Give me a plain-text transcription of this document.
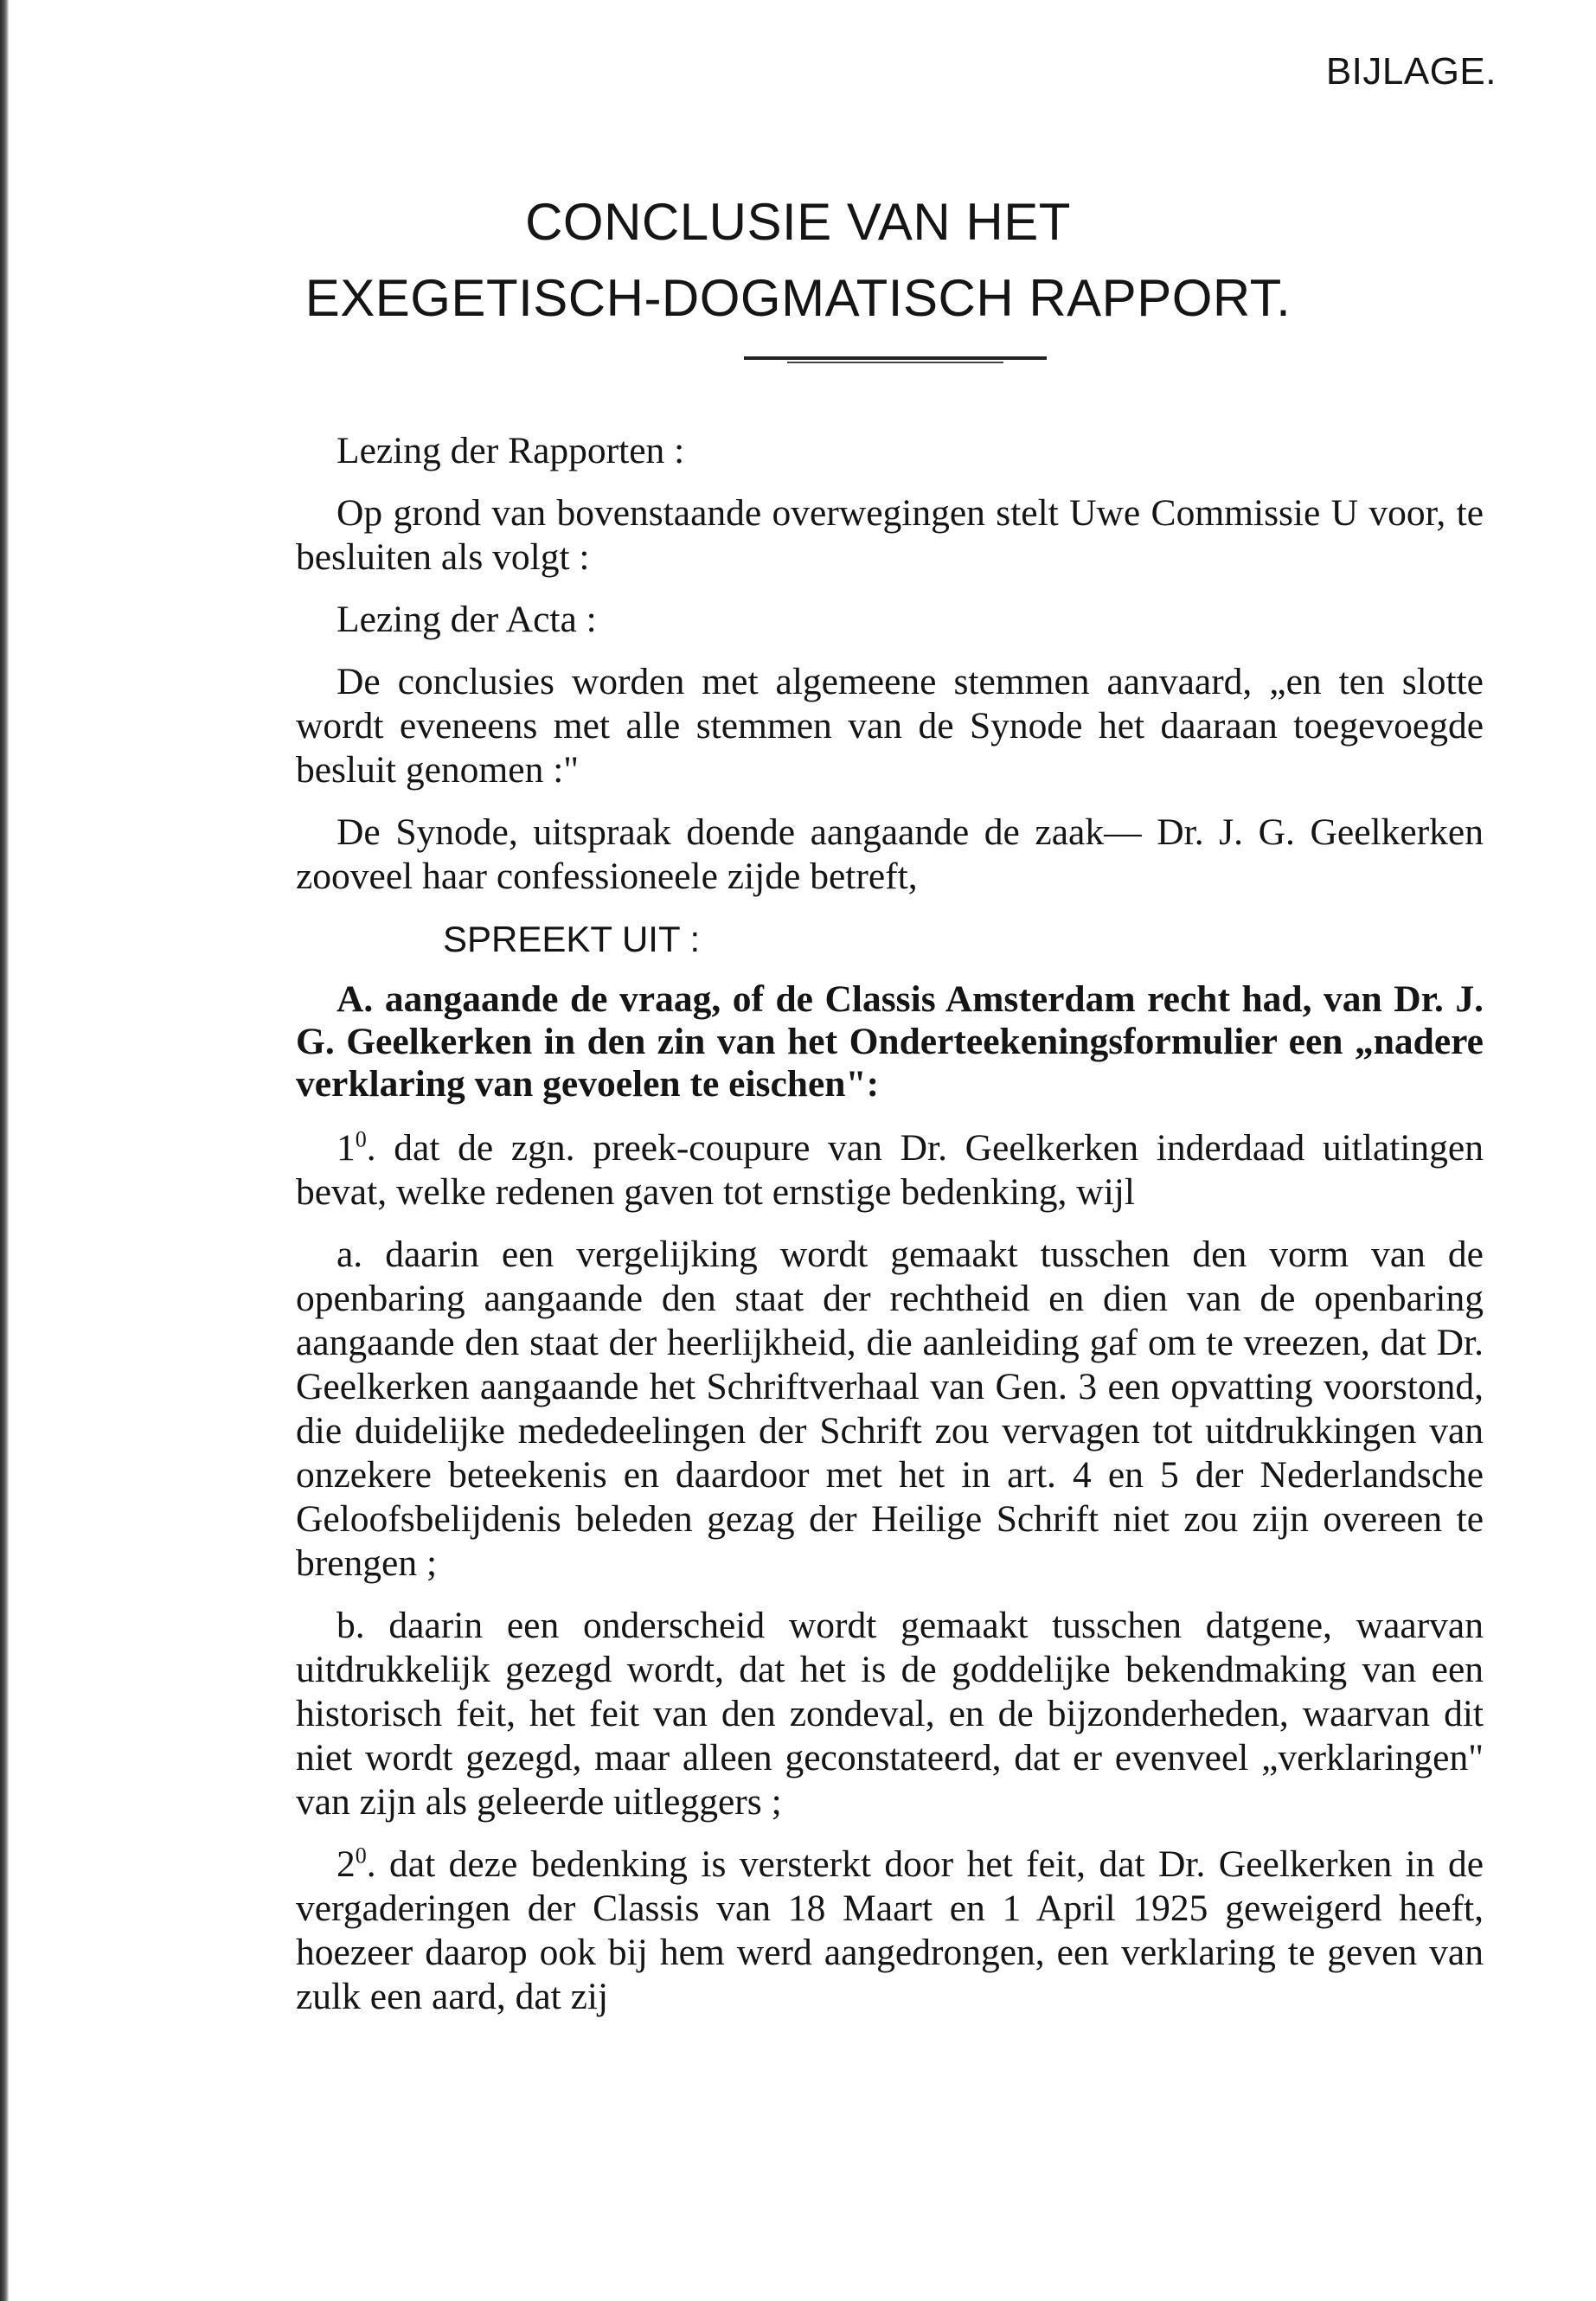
BIJLAGE.
CONCLUSIE VAN HET
EXEGETISCH-DOGMATISCH RAPPORT.

Lezing der Rapporten :

Op grond van bovenstaande overwegingen stelt Uwe Commissie U voor, te besluiten als volgt :

Lezing der Acta :

De conclusies worden met algemeene stemmen aanvaard, „en ten slotte wordt eveneens met alle stemmen van de Synode het daaraan toegevoegde besluit genomen :"

De Synode, uitspraak doende aangaande de zaak— Dr. J. G. Geelkerken zooveel haar confessioneele zijde betreft,

SPREEKT UIT :

A. aangaande de vraag, of de Classis Amsterdam recht had, van Dr. J. G. Geelkerken in den zin van het Onderteekeningsformulier een „nadere verklaring van gevoelen te eischen":

$1^0$. dat de zgn. preek-coupure van Dr. Geelkerken inderdaad uitlatingen bevat, welke redenen gaven tot ernstige bedenking, wijl

a. daarin een vergelijking wordt gemaakt tusschen den vorm van de openbaring aangaande den staat der rechtheid en dien van de openbaring aangaande den staat der heerlijkheid, die aanleiding gaf om te vreezen, dat Dr. Geelkerken aangaande het Schriftverhaal van Gen. 3 een opvatting voorstond, die duidelijke mededeelingen der Schrift zou vervagen tot uitdrukkingen van onzekere beteekenis en daardoor met het in art. 4 en 5 der Nederlandsche Geloofsbelijdenis beleden gezag der Heilige Schrift niet zou zijn overeen te brengen ;

b. daarin een onderscheid wordt gemaakt tusschen datgene, waarvan uitdrukkelijk gezegd wordt, dat het is de goddelijke bekendmaking van een historisch feit, het feit van den zondeval, en de bijzonderheden, waarvan dit niet wordt gezegd, maar alleen geconstateerd, dat er evenveel „verklaringen" van zijn als geleerde uitleggers ;

$2^0$. dat deze bedenking is versterkt door het feit, dat Dr. Geelkerken in de vergaderingen der Classis van 18 Maart en 1 April 1925 geweigerd heeft, hoezeer daarop ook bij hem werd aangedrongen, een verklaring te geven van zulk een aard, dat zij
